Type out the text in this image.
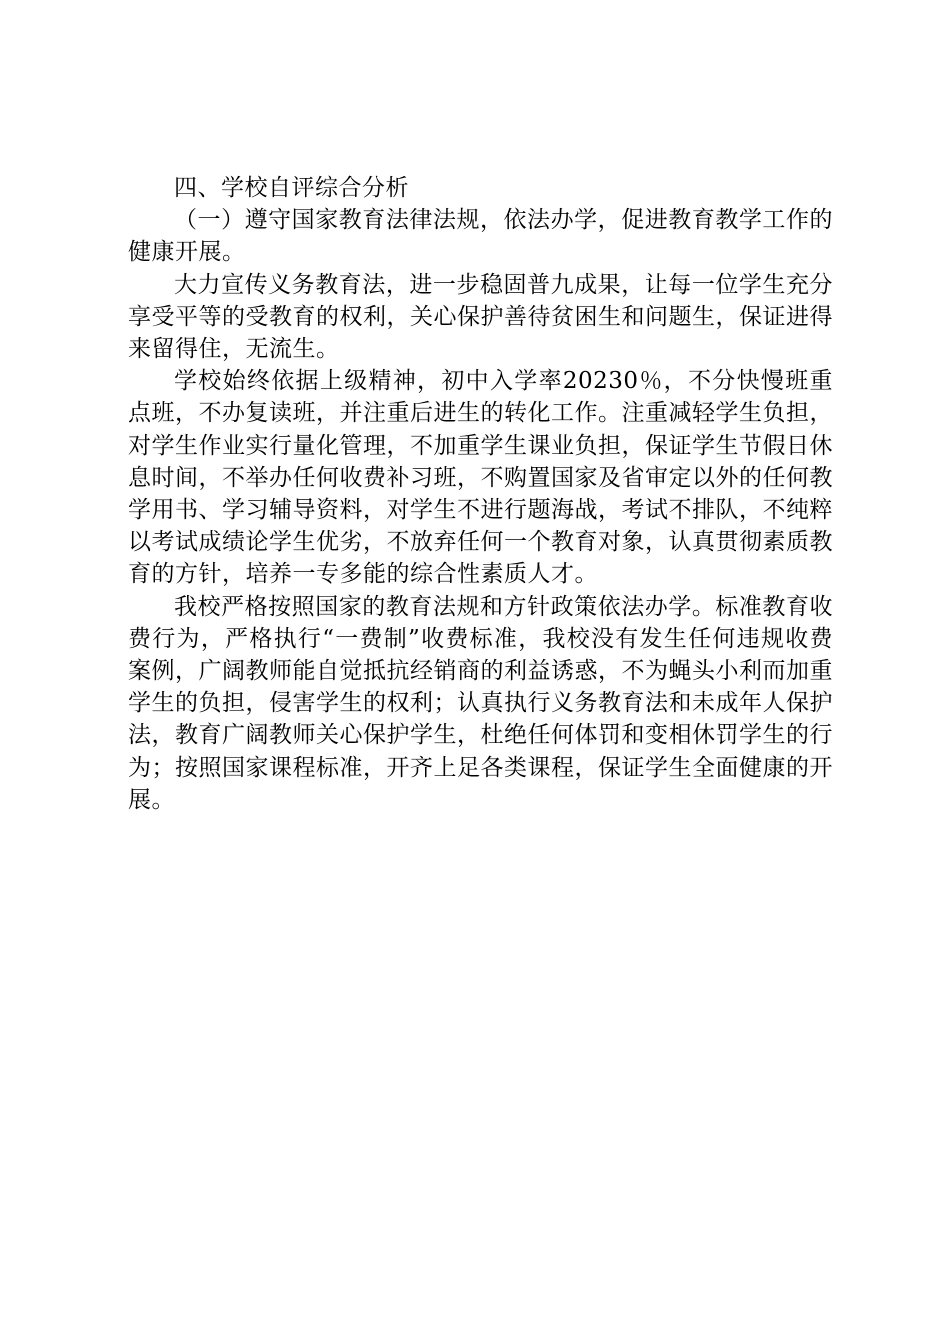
四、学校自评综合分析

（一）遵守国家教育法律法规，依法办学，促进教育教学工作的健康开展。

大力宣传义务教育法，进一步稳固普九成果，让每一位学生充分享受平等的受教育的权利，关心保护善待贫困生和问题生，保证进得来留得住，无流生。

学校始终依据上级精神，初中入学率20230％，不分快慢班重点班，不办复读班，并注重后进生的转化工作。注重减轻学生负担，对学生作业实行量化管理，不加重学生课业负担，保证学生节假日休息时间，不举办任何收费补习班，不购置国家及省审定以外的任何教学用书、学习辅导资料，对学生不进行题海战，考试不排队，不纯粹以考试成绩论学生优劣，不放弃任何一个教育对象，认真贯彻素质教育的方针，培养一专多能的综合性素质人才。

我校严格按照国家的教育法规和方针政策依法办学。标准教育收费行为，严格执行“一费制”收费标准，我校没有发生任何违规收费案例，广阔教师能自觉抵抗经销商的利益诱惑，不为蝇头小利而加重学生的负担，侵害学生的权利；认真执行义务教育法和未成年人保护法，教育广阔教师关心保护学生，杜绝任何体罚和变相休罚学生的行为；按照国家课程标准，开齐上足各类课程，保证学生全面健康的开展。
